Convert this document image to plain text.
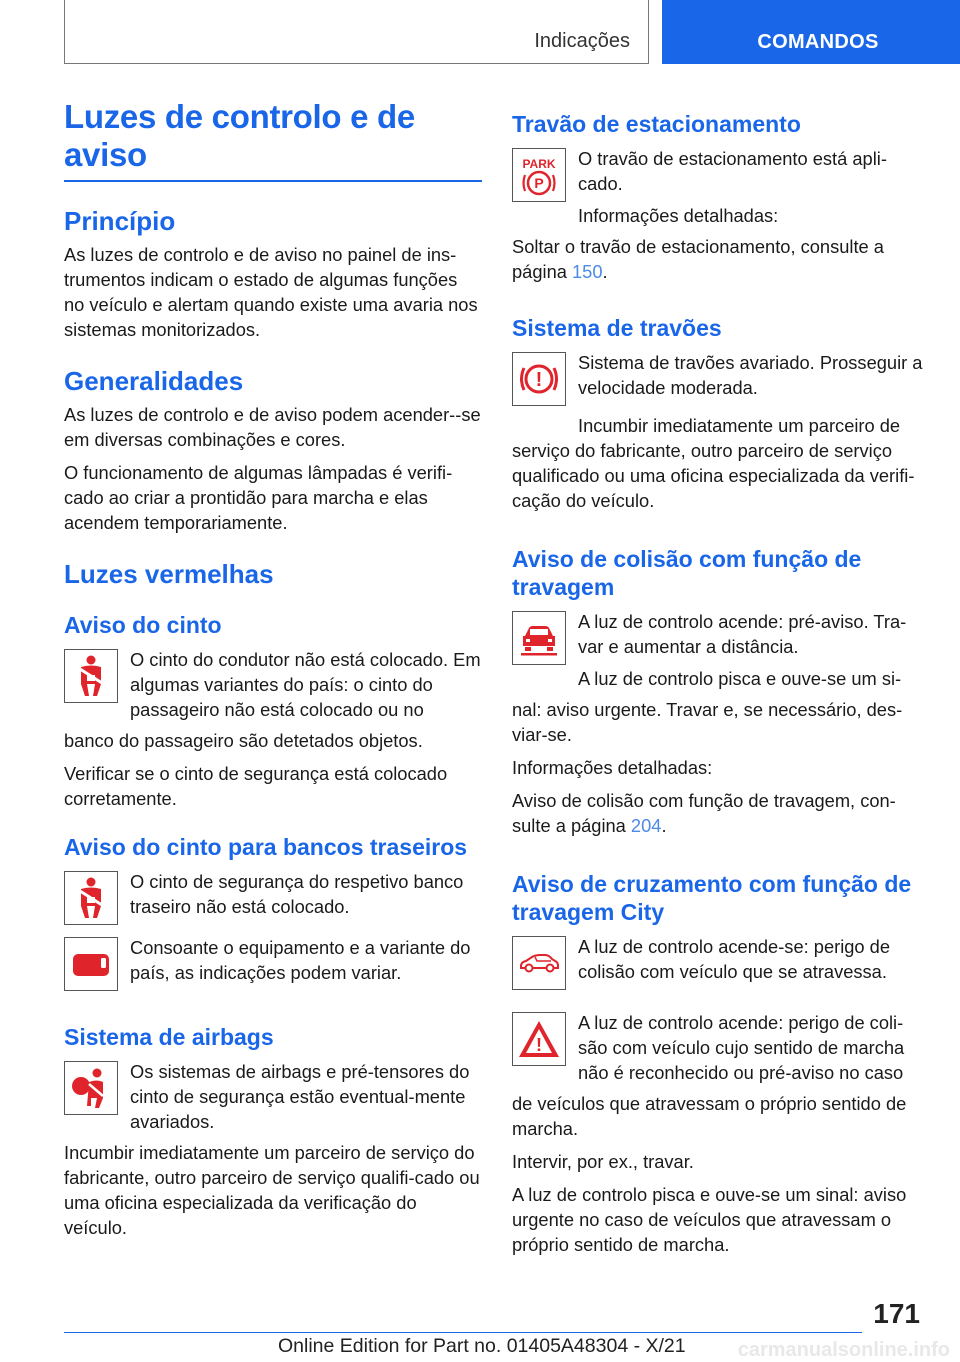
Indicações	COMANDOS
Luzes de controlo e de aviso
Princípio

As luzes de controlo e de aviso no painel de ins-trumentos indicam o estado de algumas funções no veículo e alertam quando existe uma avaria nos sistemas monitorizados.

Generalidades

As luzes de controlo e de aviso podem acender--se em diversas combinações e cores.

O funcionamento de algumas lâmpadas é verifi-cado ao criar a prontidão para marcha e elas acendem temporariamente.

Luzes vermelhas
Aviso do cinto

O cinto do condutor não está colocado. Em algumas variantes do país: o cinto do passageiro não está colocado ou no

banco do passageiro são detetados objetos.

Verificar se o cinto de segurança está colocado corretamente.

Aviso do cinto para bancos traseiros

O cinto de segurança do respetivo banco traseiro não está colocado.

Consoante o equipamento e a variante do país, as indicações podem variar.

Sistema de airbags

Os sistemas de airbags e pré-tensores do cinto de segurança estão eventual-mente avariados.

Incumbir imediatamente um parceiro de serviço do fabricante, outro parceiro de serviço qualifi-cado ou uma oficina especializada da verificação do veículo.

Travão de estacionamento
PARK
P

O travão de estacionamento está apli-cado.

Informações detalhadas:

Soltar o travão de estacionamento, consulte a página 150.

Sistema de travões
!

Sistema de travões avariado. Prosseguir a velocidade moderada.

Incumbir imediatamente um parceiro de serviço do fabricante, outro parceiro de serviço qualificado ou uma oficina especializada da verifi-cação do veículo.

Aviso de colisão com função de travagem

A luz de controlo acende: pré-aviso. Tra-var e aumentar a distância.

A luz de controlo pisca e ouve-se um si-

nal: aviso urgente. Travar e, se necessário, des-viar-se.

Informações detalhadas:

Aviso de colisão com função de travagem, con-sulte a página 204.

Aviso de cruzamento com função de travagem City

A luz de controlo acende-se: perigo de colisão com veículo que se atravessa.

!

A luz de controlo acende: perigo de coli-são com veículo cujo sentido de marcha não é reconhecido ou pré-aviso no caso

de veículos que atravessam o próprio sentido de marcha.

Intervir, por ex., travar.

A luz de controlo pisca e ouve-se um sinal: aviso urgente no caso de veículos que atravessam o próprio sentido de marcha.

171
Online Edition for Part no. 01405A48304 - X/21	carmanualsonline.info
